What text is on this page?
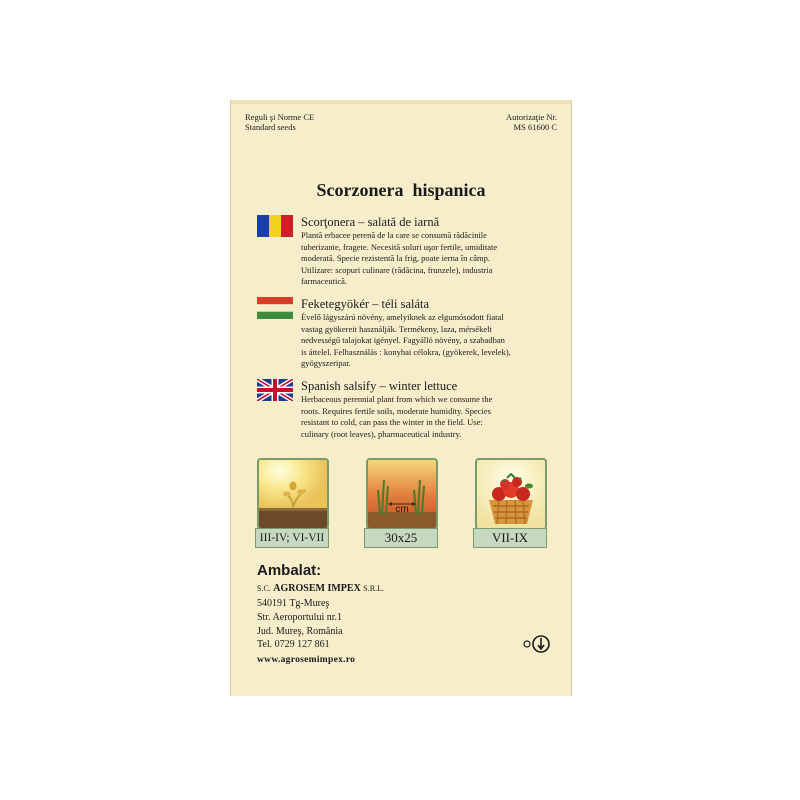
Reguli şi Norme CE
Standard seeds
Autorizaţie Nr.
MS 61600 C
Scorzonera  hispanica
Scorţonera – salată de iarnă
Plantă erbacee perenă de la care se consumă rădăcinile
tuberizante, fragete. Necesită soluri uşor fertile, umiditate
moderată. Specie rezistentă la frig, poate ierna în câmp.
Utilizare: scopuri culinare (rădăcina, frunzele), industria
farmaceutică.
Feketegyökér – téli saláta
Évelő lágyszárú növény, amelyiknek az elgumósodott fiatal
vastag gyökereit használják. Termékeny, laza, mérsékelt
nedvességű talajokat igényel. Fagyálló növény, a szabadban
is áttelel. Felhasználás : konyhai célokra, (gyökerek, levelek),
gyógyszeripar.
Spanish salsify – winter lettuce
Herbaceous perennial plant from which we consume the
roots. Requires fertile soils, moderate humidity. Species
resistant to cold, can pass the winter in the field. Use:
culinary (root leaves), pharmaceutical industry.
III-IV; VI-VII
cm
30x25	VII-IX
Ambalat:
S.C. AGROSEM IMPEX S.R.L.
540191 Tg-Mureş
Str. Aeroportului nr.1
Jud. Mureş, România
Tel. 0729 127 861
www.agrosemimpex.ro
